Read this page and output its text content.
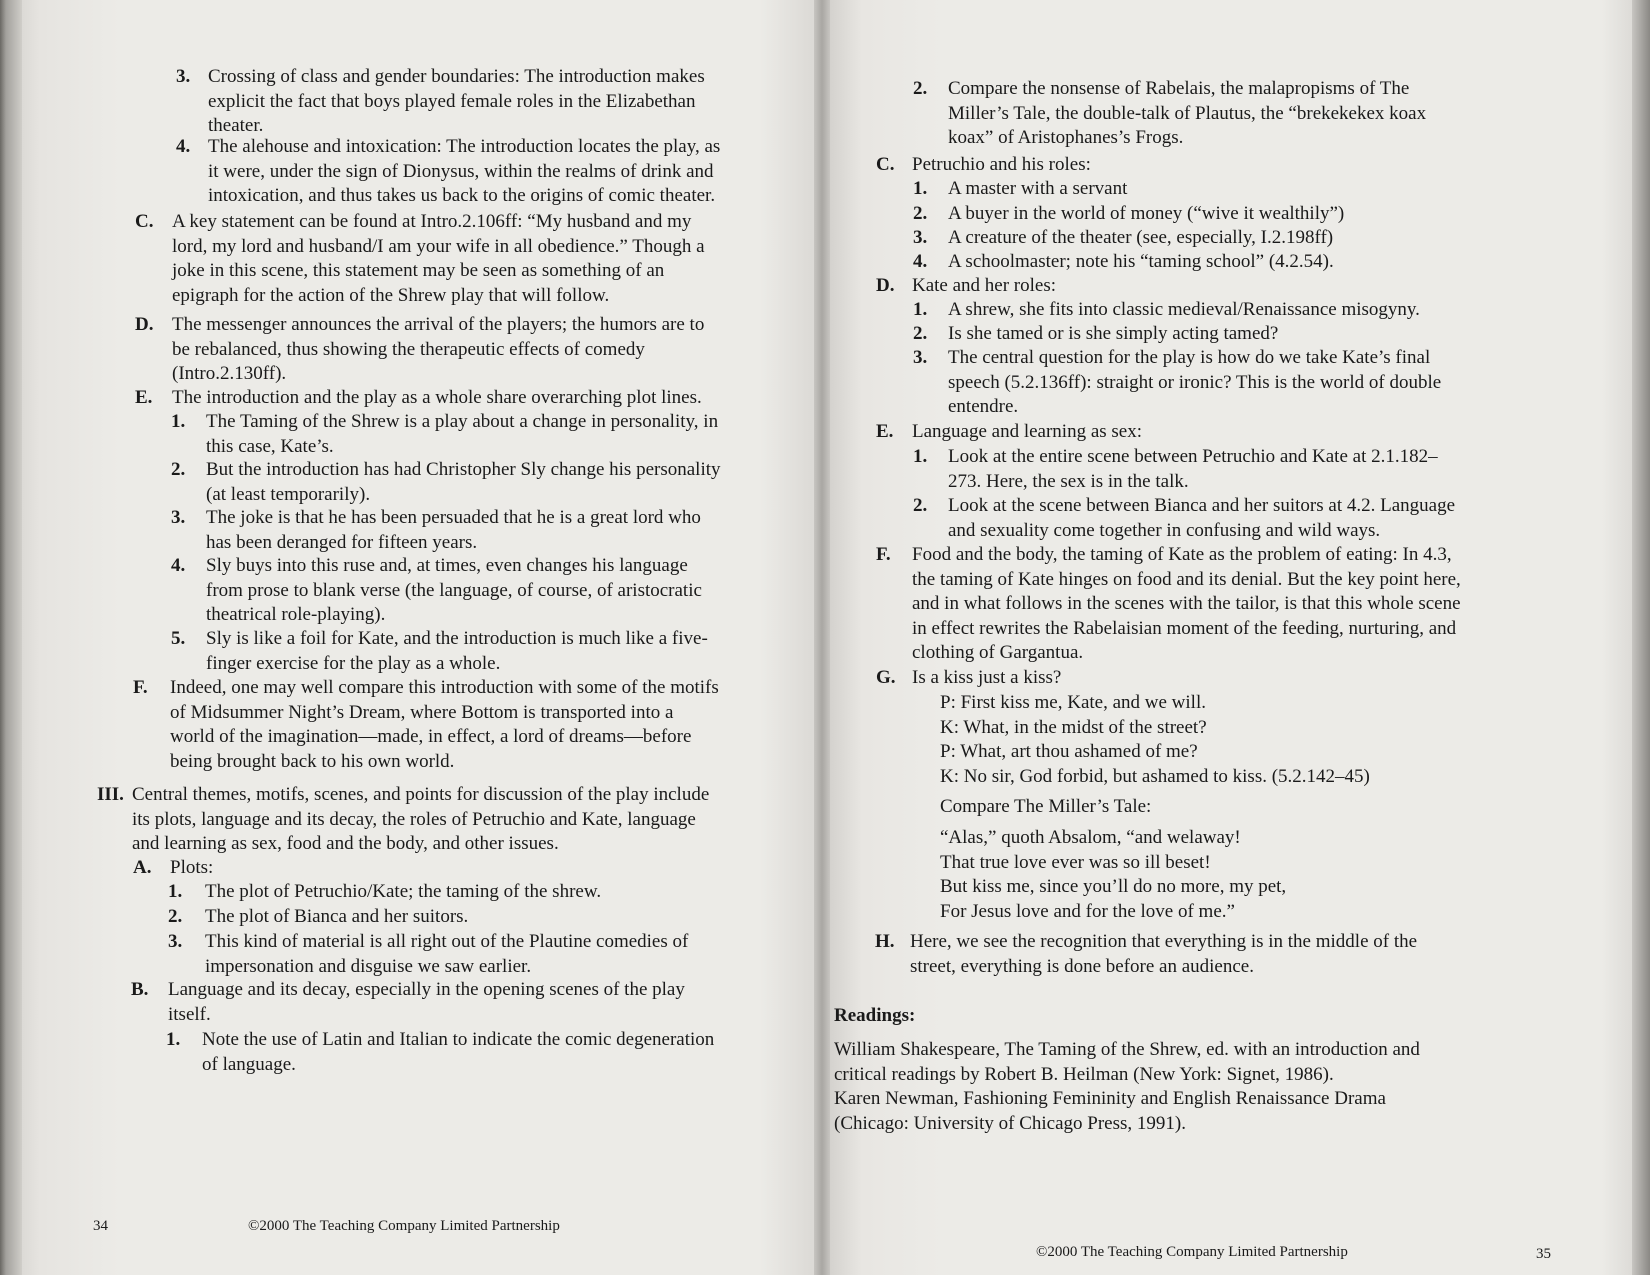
3. Crossing of class and gender boundaries: The introduction makes
explicit the fact that boys played female roles in the Elizabethan
theater.
4. The alehouse and intoxication: The introduction locates the play, as
it were, under the sign of Dionysus, within the realms of drink and
intoxication, and thus takes us back to the origins of comic theater.
C. A key statement can be found at Intro.2.106ff: “My husband and my
lord, my lord and husband/I am your wife in all obedience.” Though a
joke in this scene, this statement may be seen as something of an
epigraph for the action of the Shrew play that will follow.
D. The messenger announces the arrival of the players; the humors are to
be rebalanced, thus showing the therapeutic effects of comedy
(Intro.2.130ff).
E. The introduction and the play as a whole share overarching plot lines.
1. The Taming of the Shrew is a play about a change in personality, in
this case, Kate’s.
2. But the introduction has had Christopher Sly change his personality
(at least temporarily).
3. The joke is that he has been persuaded that he is a great lord who
has been deranged for fifteen years.
4. Sly buys into this ruse and, at times, even changes his language
from prose to blank verse (the language, of course, of aristocratic
theatrical role-playing).
5. Sly is like a foil for Kate, and the introduction is much like a five-
finger exercise for the play as a whole.
F. Indeed, one may well compare this introduction with some of the motifs
of Midsummer Night’s Dream, where Bottom is transported into a
world of the imagination—made, in effect, a lord of dreams—before
being brought back to his own world.
III. Central themes, motifs, scenes, and points for discussion of the play include
its plots, language and its decay, the roles of Petruchio and Kate, language
and learning as sex, food and the body, and other issues.
A. Plots:
1. The plot of Petruchio/Kate; the taming of the shrew.
2. The plot of Bianca and her suitors.
3. This kind of material is all right out of the Plautine comedies of
impersonation and disguise we saw earlier.
B. Language and its decay, especially in the opening scenes of the play
itself.
1. Note the use of Latin and Italian to indicate the comic degeneration
of language.
2. Compare the nonsense of Rabelais, the malapropisms of The
Miller’s Tale, the double-talk of Plautus, the “brekekekex koax
koax” of Aristophanes’s Frogs.
C. Petruchio and his roles:
1. A master with a servant
2. A buyer in the world of money (“wive it wealthily”)
3. A creature of the theater (see, especially, I.2.198ff)
4. A schoolmaster; note his “taming school” (4.2.54).
D. Kate and her roles:
1. A shrew, she fits into classic medieval/Renaissance misogyny.
2. Is she tamed or is she simply acting tamed?
3. The central question for the play is how do we take Kate’s final
speech (5.2.136ff): straight or ironic? This is the world of double
entendre.
E. Language and learning as sex:
1. Look at the entire scene between Petruchio and Kate at 2.1.182–
273. Here, the sex is in the talk.
2. Look at the scene between Bianca and her suitors at 4.2. Language
and sexuality come together in confusing and wild ways.
F. Food and the body, the taming of Kate as the problem of eating: In 4.3,
the taming of Kate hinges on food and its denial. But the key point here,
and in what follows in the scenes with the tailor, is that this whole scene
in effect rewrites the Rabelaisian moment of the feeding, nurturing, and
clothing of Gargantua.
G. Is a kiss just a kiss?
P: First kiss me, Kate, and we will.
K: What, in the midst of the street?
P: What, art thou ashamed of me?
K: No sir, God forbid, but ashamed to kiss. (5.2.142–45)
Compare The Miller’s Tale:
“Alas,” quoth Absalom, “and welaway!
That true love ever was so ill beset!
But kiss me, since you’ll do no more, my pet,
For Jesus love and for the love of me.”
H. Here, we see the recognition that everything is in the middle of the
street, everything is done before an audience.
Readings:
William Shakespeare, The Taming of the Shrew, ed. with an introduction and
critical readings by Robert B. Heilman (New York: Signet, 1986).
Karen Newman, Fashioning Femininity and English Renaissance Drama
(Chicago: University of Chicago Press, 1991).
34	©2000 The Teaching Company Limited Partnership
©2000 The Teaching Company Limited Partnership	35
